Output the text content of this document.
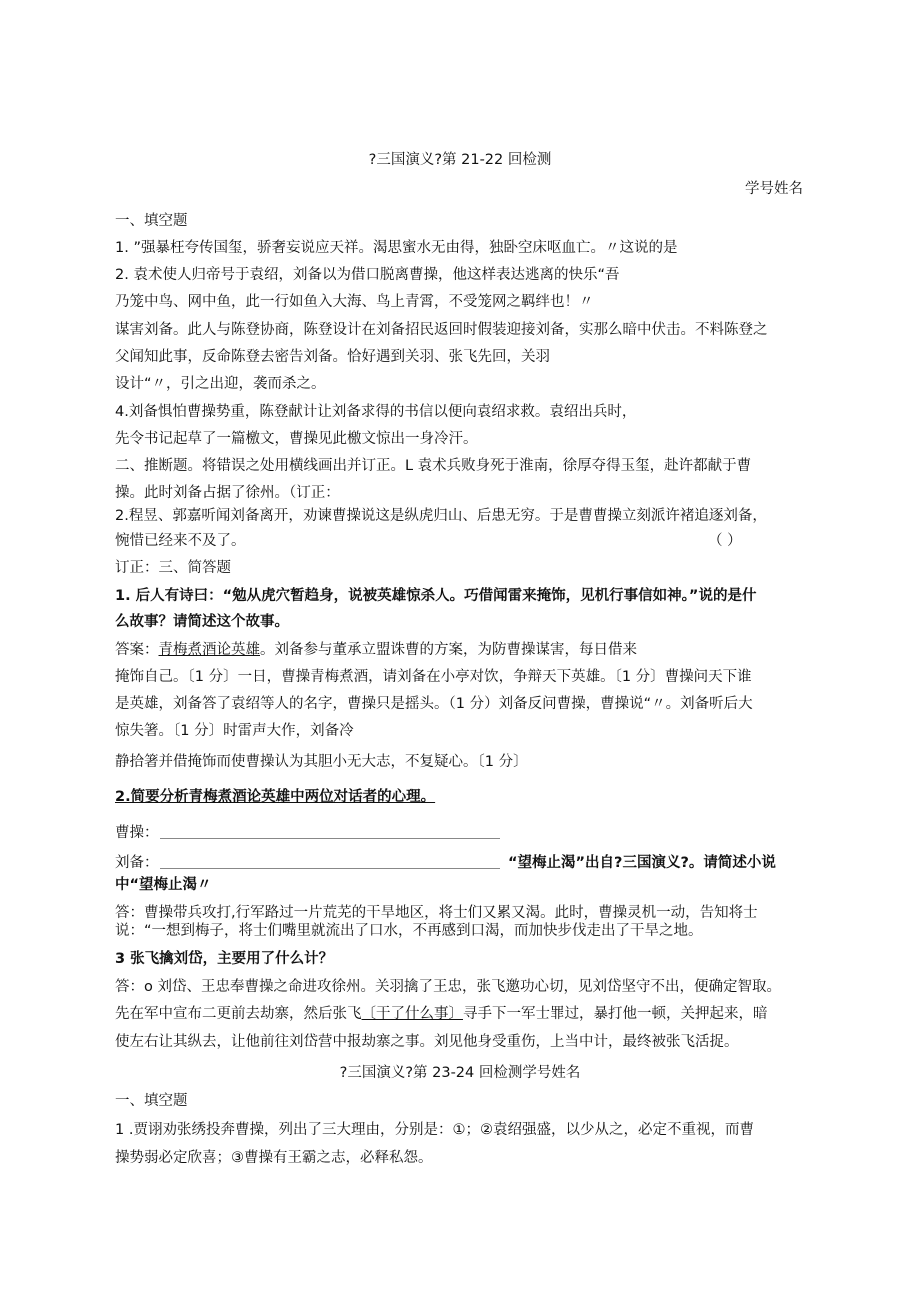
?三国演义?第 21-22 回检测
学号姓名
一、填空题
1. ”强暴枉夸传国玺，骄奢妄说应天祥。渴思蜜水无由得，独卧空床呕血亡。〃这说的是
2. 袁术使人归帝号于袁绍，刘备以为借口脱离曹操，他这样表达逃离的快乐“吾
乃笼中鸟、网中鱼，此一行如鱼入大海、鸟上青霄，不受笼网之羁绊也！〃
谋害刘备。此人与陈登协商，陈登设计在刘备招民返回时假装迎接刘备，实那么暗中伏击。不料陈登之
父闻知此事，反命陈登去密告刘备。恰好遇到关羽、张飞先回，关羽
设计“〃，引之出迎，袭而杀之。
4.刘备惧怕曹操势重，陈登献计让刘备求得的书信以便向袁绍求救。袁绍出兵时，
先令书记起草了一篇檄文，曹操见此檄文惊出一身冷汗。
二、推断题。将错误之处用横线画出并订正。L 袁术兵败身死于淮南，徐厚夺得玉玺，赴许都献于曹
操。此时刘备占据了徐州。（订正：
2.程昱、郭嘉听闻刘备离开，劝谏曹操说这是纵虎归山、后患无穷。于是曹曹操立刻派许褚追逐刘备，
惋惜已经来不及了。	（ ）
订正：三、简答题
1. 后人有诗曰：“勉从虎穴暂趋身，说被英雄惊杀人。巧借闻雷来掩饰，见机行事信如神。”说的是什
么故事？请简述这个故事。
答案：青梅煮酒论英雄。刘备参与董承立盟诛曹的方案，为防曹操谋害，每日借来
掩饰自己。〔1 分〕一日，曹操青梅煮酒，请刘备在小亭对饮，争辩天下英雄。〔1 分〕曹操问天下谁
是英雄，刘备答了袁绍等人的名字，曹操只是摇头。（1 分）刘备反问曹操，曹操说“〃。刘备听后大
惊失箸。〔1 分〕时雷声大作，刘备冷
静拾箸并借掩饰而使曹操认为其胆小无大志，不复疑心。〔1 分〕
2.简要分析青梅煮酒论英雄中两位对话者的心理。
曹操：
刘备：	“望梅止渴”出自?三国演义?。请简述小说
中“望梅止渴〃
答：曹操带兵攻打,行军路过一片荒芜的干旱地区，将士们又累又渴。此时，曹操灵机一动，告知将士
说：“一想到梅子，将士们嘴里就流出了口水，不再感到口渴，而加快步伐走出了干旱之地。
3 张飞擒刘岱，主要用了什么计？
答：o 刘岱、王忠奉曹操之命进攻徐州。关羽擒了王忠，张飞邀功心切，见刘岱坚守不出，便确定智取。
先在军中宣布二更前去劫寨，然后张飞〔干了什么事〕寻手下一军士罪过，暴打他一顿，关押起来，暗
使左右让其纵去，让他前往刘岱营中报劫寨之事。刘见他身受重伤，上当中计，最终被张飞活捉。
?三国演义?第 23-24 回检测学号姓名
一、填空题
1 .贾诩劝张绣投奔曹操，列出了三大理由，分别是：①；②袁绍强盛，以少从之，必定不重视，而曹
操势弱必定欣喜；③曹操有王霸之志，必释私怨。
